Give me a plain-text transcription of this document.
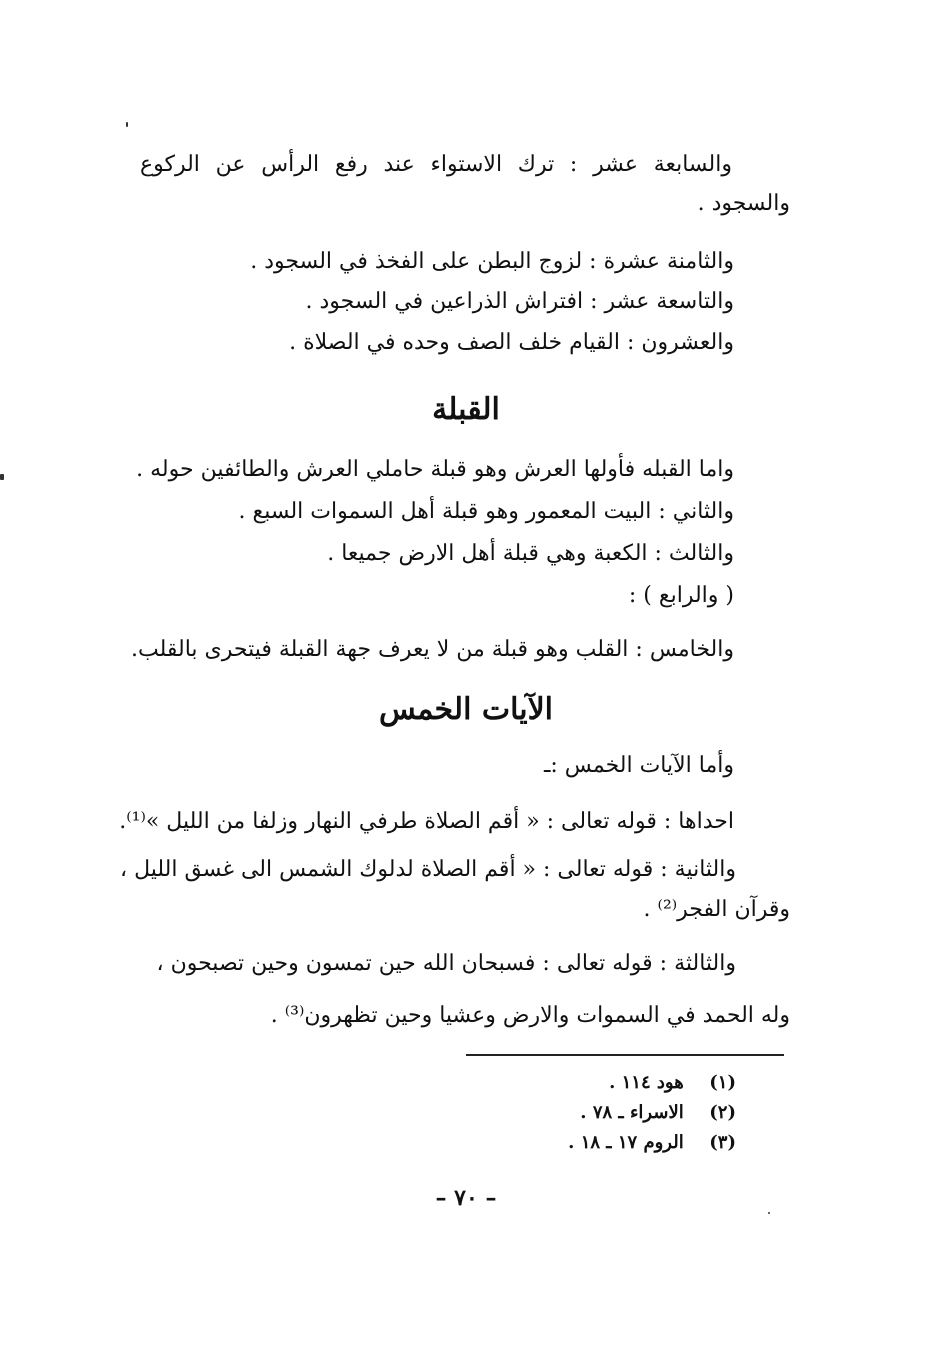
والسابعة عشر : ترك الاستواء عند رفع الرأس عن الركوع

والسجود .

والثامنة عشرة : لزوج البطن على الفخذ في السجود .

والتاسعة عشر : افتراش الذراعين في السجود .

والعشرون : القيام خلف الصف وحده في الصلاة .

القبلة

واما القبله فأولها العرش وهو قبلة حاملي العرش والطائفين حوله .

والثاني : البيت المعمور وهو قبلة أهل السموات السبع .

والثالث : الكعبة وهي قبلة أهل الارض جميعا .

( والرابع ) :

والخامس : القلب وهو قبلة من لا يعرف جهة القبلة فيتحرى بالقلب.

الآيات الخمس

وأما الآيات الخمس :ـ

احداها : قوله تعالى : « أقم الصلاة طرفي النهار وزلفا من الليل »⁽¹⁾.

والثانية : قوله تعالى : « أقم الصلاة لدلوك الشمس الى غسق الليل ،

وقرآن الفجر⁽²⁾ .

والثالثة : قوله تعالى : فسبحان الله حين تمسون وحين تصبحون ،

وله الحمد في السموات والارض وعشيا وحين تظهرون⁽³⁾ .

(١) هود ١١٤ .
(٢) الاسراء ـ ٧٨ .
(٣) الروم ١٧ ـ ١٨ .
– ٧٠ –
